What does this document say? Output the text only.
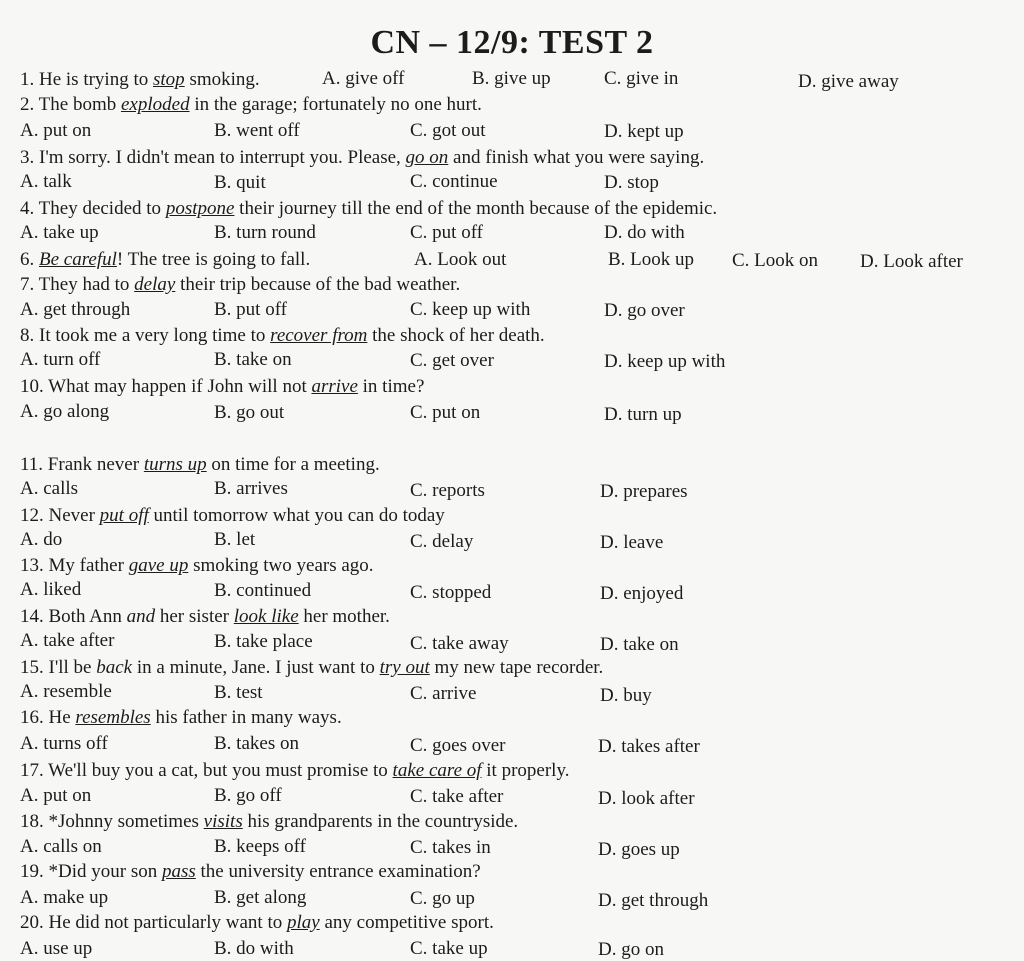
CN – 12/9: TEST 2
1. He is trying to stop smoking.	A. give off	B. give up	C. give in	D. give away
2. The bomb exploded in the garage; fortunately no one hurt.
A. put on	B. went off	C. got out	D. kept up
3. I'm sorry. I didn't mean to interrupt you. Please, go on and finish what you were saying.
A. talk	B. quit	C. continue	D. stop
4. They decided to postpone their journey till the end of the month because of the epidemic.
A. take up	B. turn round	C. put off	D. do with
6. Be careful! The tree is going to fall.	A. Look out	B. Look up C. Look on D. Look after
7. They had to delay their trip because of the bad weather.
A. get through	B. put off	C. keep up with	D. go over
8. It took me a very long time to recover from the shock of her death.
A. turn off	B. take on	C. get over	D. keep up with
10. What may happen if John will not arrive in time?
A. go along	B. go out	C. put on	D. turn up
11. Frank never turns up on time for a meeting.
A. calls	B. arrives	C. reports	D. prepares
12. Never put off until tomorrow what you can do today
A. do	B. let	C. delay	D. leave
13. My father gave up smoking two years ago.
A. liked	B. continued	C. stopped	D. enjoyed
14. Both Ann and her sister look like her mother.
A. take after	B. take place	C. take away	D. take on
15. I'll be back in a minute, Jane. I just want to try out my new tape recorder.
A. resemble	B. test	C. arrive	D. buy
16. He resembles his father in many ways.
A. turns off	B. takes on	C. goes over	D. takes after
17. We'll buy you a cat, but you must promise to take care of it properly.
A. put on	B. go off	C. take after	D. look after
18. *Johnny sometimes visits his grandparents in the countryside.
A. calls on	B. keeps off	C. takes in	D. goes up
19. *Did your son pass the university entrance examination?
A. make up	B. get along	C. go up	D. get through
20. He did not particularly want to play any competitive sport.
A. use up	B. do with	C. take up	D. go on
